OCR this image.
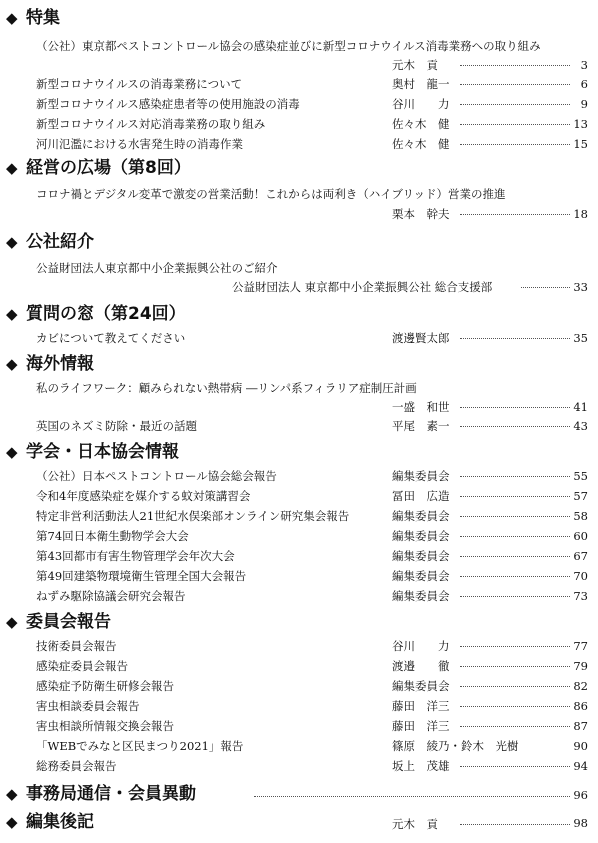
◆ 特集
（公社）東京都ペストコントロール協会の感染症並びに新型コロナウイルス消毒業務への取り組み
元木　貢	3
新型コロナウイルスの消毒業務について	奥村　龍一	6
新型コロナウイルス感染症患者等の使用施設の消毒	谷川　　力	9
新型コロナウイルス対応消毒業務の取り組み	佐々木　健	13
河川氾濫における水害発生時の消毒作業	佐々木　健	15
◆ 経営の広場（第8回）
コロナ禍とデジタル変革で激変の営業活動！これからは両利き（ハイブリッド）営業の推進
栗本　幹夫	18
◆ 公社紹介
公益財団法人東京都中小企業振興公社のご紹介
公益財団法人 東京都中小企業振興公社 総合支援部	33
◆ 質問の窓（第24回）
カビについて教えてください	渡邊賢太郎	35
◆ 海外情報
私のライフワーク：顧みられない熱帯病 ―リンパ系フィラリア症制圧計画
一盛　和世	41
英国のネズミ防除・最近の話題	平尾　素一	43
◆ 学会・日本協会情報
（公社）日本ペストコントロール協会総会報告	編集委員会	55
令和4年度感染症を媒介する蚊対策講習会	冨田　広造	57
特定非営利活動法人21世紀水俣楽部オンライン研究集会報告	編集委員会	58
第74回日本衛生動物学会大会	編集委員会	60
第43回都市有害生物管理学会年次大会	編集委員会	67
第49回建築物環境衛生管理全国大会報告	編集委員会	70
ねずみ駆除協議会研究会報告	編集委員会	73
◆ 委員会報告
技術委員会報告	谷川　　力	77
感染症委員会報告	渡邉　　徹	79
感染症予防衛生研修会報告	編集委員会	82
害虫相談委員会報告	藤田　洋三	86
害虫相談所情報交換会報告	藤田　洋三	87
「WEBでみなと区民まつり2021」報告	篠原　綾乃・鈴木　光樹	90
総務委員会報告	坂上　茂雄	94
◆ 事務局通信・会員異動	96
◆ 編集後記	元木　貢	98
